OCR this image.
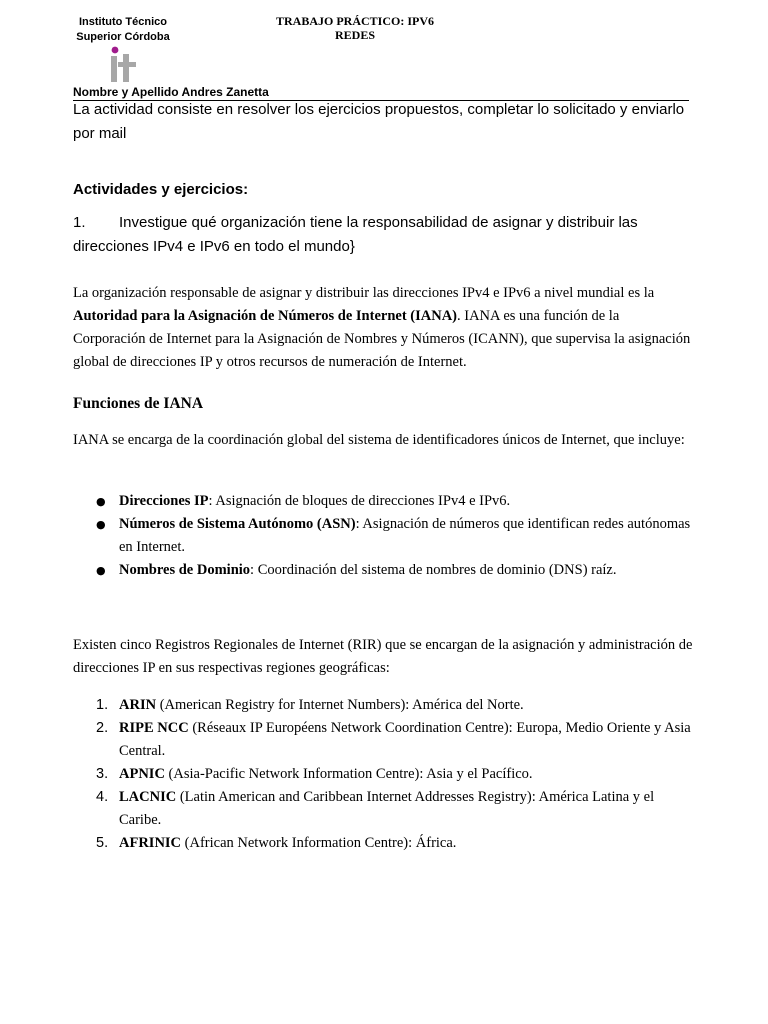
Instituto Técnico
Superior Córdoba
TRABAJO PRÁCTICO: IPV6
REDES
it
Nombre y Apellido Andres Zanetta

La actividad consiste en resolver los ejercicios propuestos, completar lo solicitado y enviarlo por mail

Actividades y ejercicios:

1. Investigue qué organización tiene la responsabilidad de asignar y distribuir las direcciones IPv4 e IPv6 en todo el mundo}

La organización responsable de asignar y distribuir las direcciones IPv4 e IPv6 a nivel mundial es la Autoridad para la Asignación de Números de Internet (IANA). IANA es una función de la Corporación de Internet para la Asignación de Nombres y Números (ICANN), que supervisa la asignación global de direcciones IP y otros recursos de numeración de Internet.

Funciones de IANA

IANA se encarga de la coordinación global del sistema de identificadores únicos de Internet, que incluye:

● Direcciones IP: Asignación de bloques de direcciones IPv4 e IPv6.
● Números de Sistema Autónomo (ASN): Asignación de números que identifican redes autónomas en Internet.
● Nombres de Dominio: Coordinación del sistema de nombres de dominio (DNS) raíz.

Existen cinco Registros Regionales de Internet (RIR) que se encargan de la asignación y administración de direcciones IP en sus respectivas regiones geográficas:

1. ARIN (American Registry for Internet Numbers): América del Norte.
2. RIPE NCC (Réseaux IP Européens Network Coordination Centre): Europa, Medio Oriente y Asia Central.
3. APNIC (Asia-Pacific Network Information Centre): Asia y el Pacífico.
4. LACNIC (Latin American and Caribbean Internet Addresses Registry): América Latina y el Caribe.
5. AFRINIC (African Network Information Centre): África.
